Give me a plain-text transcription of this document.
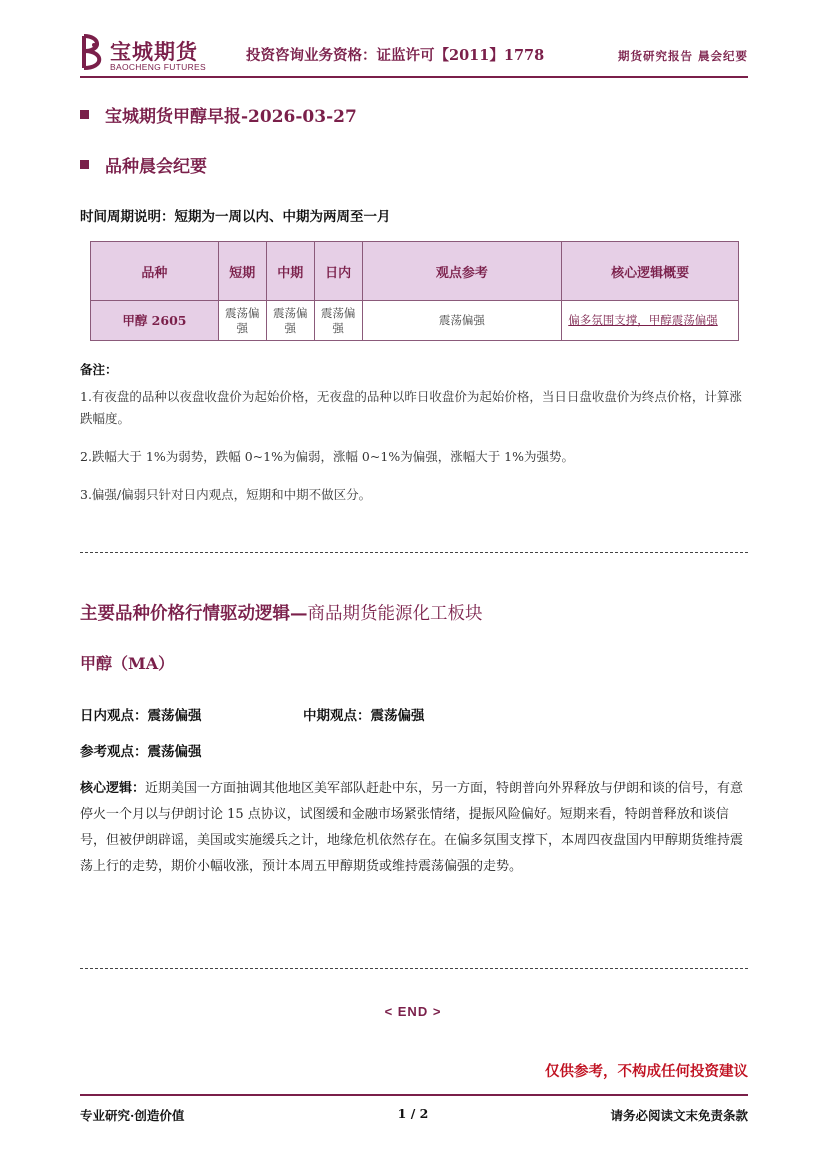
宝城期货
BAOCHENG FUTURES
投资咨询业务资格：证监许可【2011】1778	期货研究报告 晨会纪要
宝城期货甲醇早报-2026-03-27
品种晨会纪要
时间周期说明：短期为一周以内、中期为两周至一月
品种	短期	中期	日内	观点参考	核心逻辑概要
甲醇 2605	震荡偏强	震荡偏强	震荡偏强	震荡偏强	偏多氛围支撑，甲醇震荡偏强
备注：
1.有夜盘的品种以夜盘收盘价为起始价格，无夜盘的品种以昨日收盘价为起始价格，当日日盘收盘价为终点价格，计算涨跌幅度。
2.跌幅大于 1%为弱势，跌幅 0~1%为偏弱，涨幅 0~1%为偏强，涨幅大于 1%为强势。
3.偏强/偏弱只针对日内观点，短期和中期不做区分。
主要品种价格行情驱动逻辑—商品期货能源化工板块
甲醇（MA）
日内观点：震荡偏强	中期观点：震荡偏强
参考观点：震荡偏强
核心逻辑：近期美国一方面抽调其他地区美军部队赶赴中东，另一方面，特朗普向外界释放与伊朗和谈的信号，有意停火一个月以与伊朗讨论 15 点协议，试图缓和金融市场紧张情绪，提振风险偏好。短期来看，特朗普释放和谈信号，但被伊朗辟谣，美国或实施缓兵之计，地缘危机依然存在。在偏多氛围支撑下，本周四夜盘国内甲醇期货维持震荡上行的走势，期价小幅收涨，预计本周五甲醇期货或维持震荡偏强的走势。
< END >
仅供参考，不构成任何投资建议
专业研究·创造价值	1 / 2	请务必阅读文末免责条款
